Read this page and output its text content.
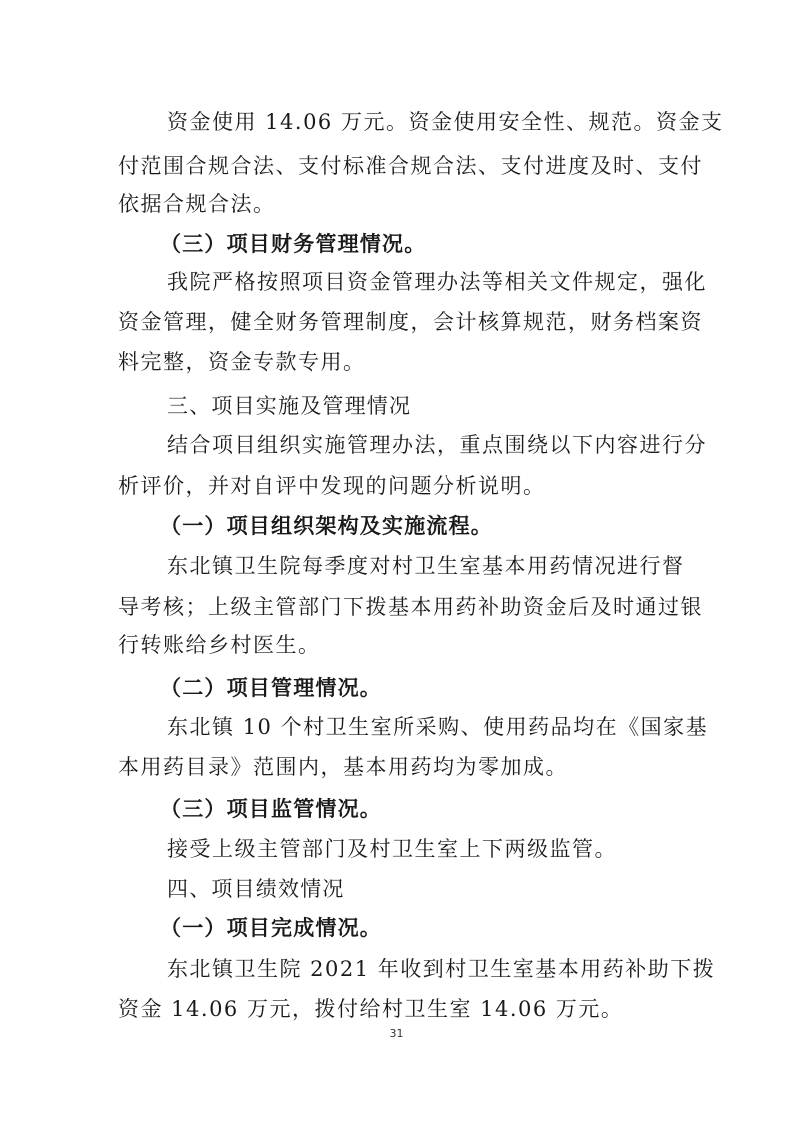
资金使用 14.06 万元。资金使用安全性、规范。资金支
付范围合规合法、支付标准合规合法、支付进度及时、支付
依据合规合法。
（三）项目财务管理情况。
我院严格按照项目资金管理办法等相关文件规定，强化
资金管理，健全财务管理制度，会计核算规范，财务档案资
料完整，资金专款专用。
三、项目实施及管理情况
结合项目组织实施管理办法，重点围绕以下内容进行分
析评价，并对自评中发现的问题分析说明。
（一）项目组织架构及实施流程。
东北镇卫生院每季度对村卫生室基本用药情况进行督
导考核；上级主管部门下拨基本用药补助资金后及时通过银
行转账给乡村医生。
（二）项目管理情况。
东北镇 10 个村卫生室所采购、使用药品均在《国家基
本用药目录》范围内，基本用药均为零加成。
（三）项目监管情况。
接受上级主管部门及村卫生室上下两级监管。
四、项目绩效情况
（一）项目完成情况。
东北镇卫生院 2021 年收到村卫生室基本用药补助下拨
资金 14.06 万元，拨付给村卫生室 14.06 万元。
31
